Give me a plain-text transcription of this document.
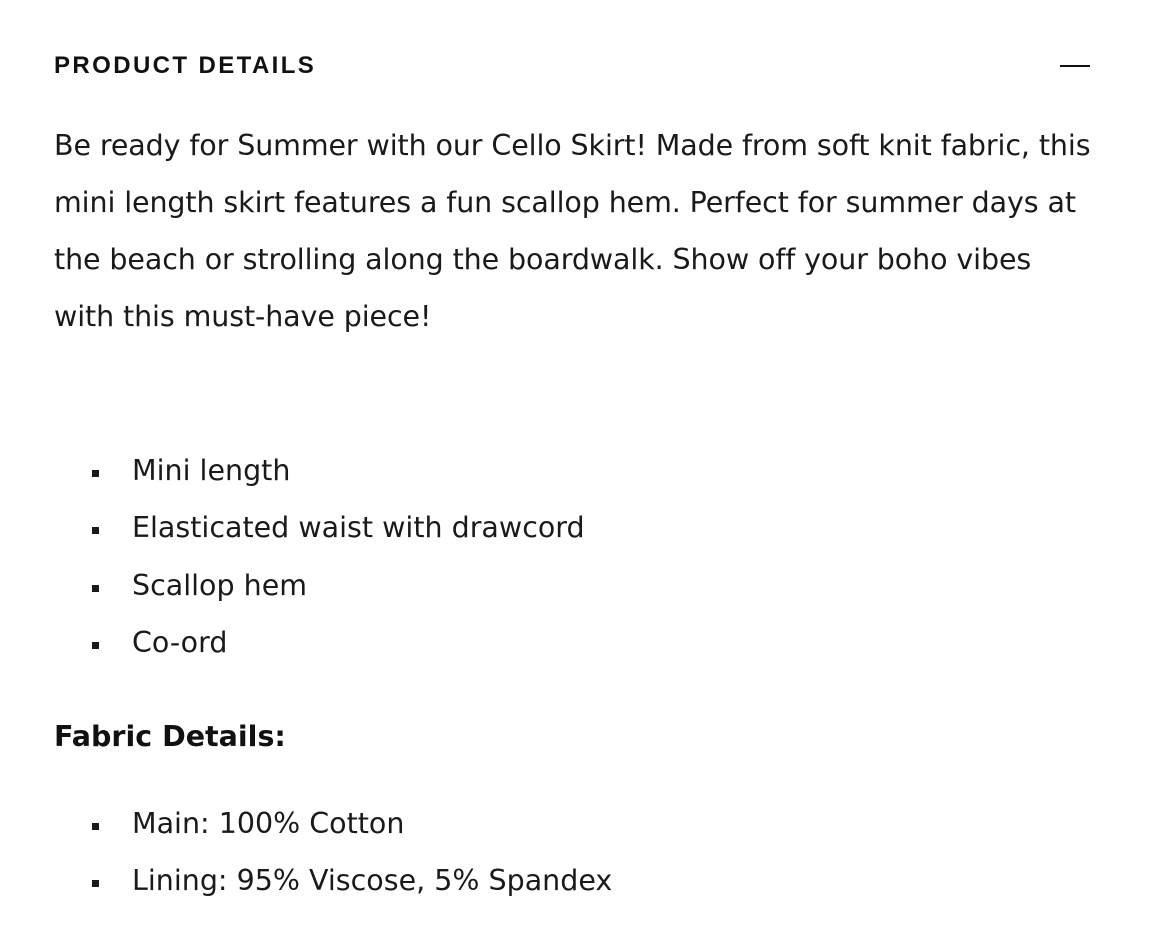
PRODUCT DETAILS

Be ready for Summer with our Cello Skirt! Made from soft knit fabric, this mini length skirt features a fun scallop hem. Perfect for summer days at the beach or strolling along the boardwalk. Show off your boho vibes with this must-have piece!

Mini length
Elasticated waist with drawcord
Scallop hem
Co-ord
Fabric Details:
Main: 100% Cotton
Lining: 95% Viscose, 5% Spandex
